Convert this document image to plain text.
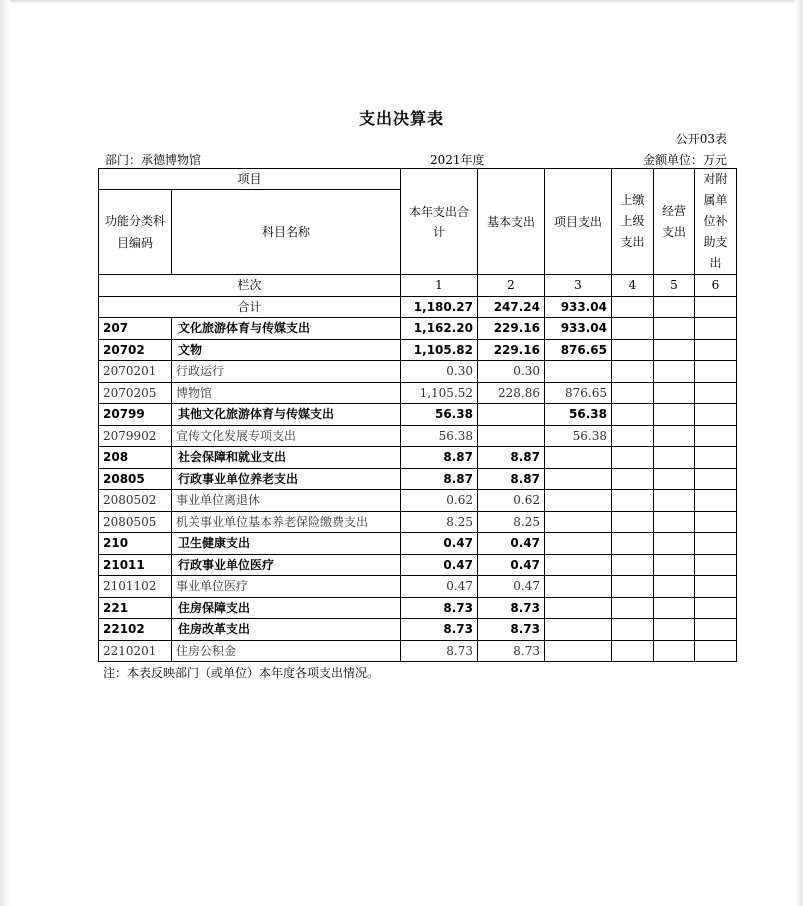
支出决算表
公开03表
部门：承德博物馆	2021年度	金额单位：万元
项目		本年支出合计	基本支出	项目支出	上缴上级支出	经营支出	对附属单位补助支出
功能分类科目编码	科目名称						
栏次		1	2	3	4	5	6
合计		1,180.27	247.24	933.04			
207	文化旅游体育与传媒支出	1,162.20	229.16	933.04			
20702	文物	1,105.82	229.16	876.65			
2070201	行政运行	0.30	0.30				
2070205	博物馆	1,105.52	228.86	876.65			
20799	其他文化旅游体育与传媒支出	56.38		56.38			
2079902	宣传文化发展专项支出	56.38		56.38			
208	社会保障和就业支出	8.87	8.87				
20805	行政事业单位养老支出	8.87	8.87				
2080502	事业单位离退休	0.62	0.62				
2080505	机关事业单位基本养老保险缴费支出	8.25	8.25				
210	卫生健康支出	0.47	0.47				
21011	行政事业单位医疗	0.47	0.47				
2101102	事业单位医疗	0.47	0.47				
221	住房保障支出	8.73	8.73				
22102	住房改革支出	8.73	8.73				
2210201	住房公积金	8.73	8.73				
注：本表反映部门（或单位）本年度各项支出情况。
